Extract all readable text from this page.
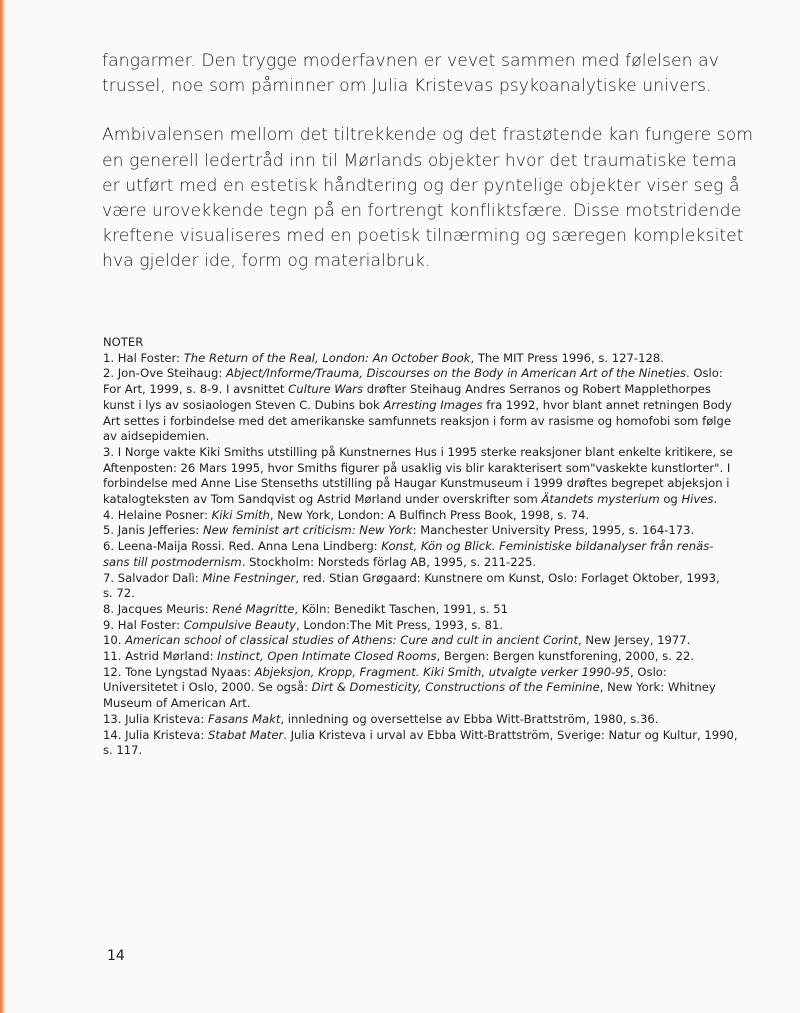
fangarmer. Den trygge moderfavnen er vevet sammen med følelsen av
trussel, noe som påminner om Julia Kristevas psykoanalytiske univers.

Ambivalensen mellom det tiltrekkende og det frastøtende kan fungere som
en generell ledertråd inn til Mørlands objekter hvor det traumatiske tema
er utført med en estetisk håndtering og der pyntelige objekter viser seg å
være urovekkende tegn på en fortrengt konfliktsfære. Disse motstridende
kreftene visualiseres med en poetisk tilnærming og særegen kompleksitet
hva gjelder ide, form og materialbruk.

NOTER
1. Hal Foster: The Return of the Real, London: An October Book, The MIT Press 1996, s. 127-128.
2. Jon-Ove Steihaug: Abject/Informe/Trauma, Discourses on the Body in American Art of the Nineties. Oslo:
For Art, 1999, s. 8-9. I avsnittet Culture Wars drøfter Steihaug Andres Serranos og Robert Mapplethorpes
kunst i lys av sosiaologen Steven C. Dubins bok Arresting Images fra 1992, hvor blant annet retningen Body
Art settes i forbindelse med det amerikanske samfunnets reaksjon i form av rasisme og homofobi som følge
av aidsepidemien.
3. I Norge vakte Kiki Smiths utstilling på Kunstnernes Hus i 1995 sterke reaksjoner blant enkelte kritikere, se
Aftenposten: 26 Mars 1995, hvor Smiths figurer på usaklig vis blir karakterisert som"vaskekte kunstlorter". I
forbindelse med Anne Lise Stenseths utstilling på Haugar Kunstmuseum i 1999 drøftes begrepet abjeksjon i
katalogteksten av Tom Sandqvist og Astrid Mørland under overskrifter som Ätandets mysterium og Hives.
4. Helaine Posner: Kiki Smith, New York, London: A Bulfinch Press Book, 1998, s. 74.
5. Janis Jefferies: New feminist art criticism: New York: Manchester University Press, 1995, s. 164-173.
6. Leena-Maija Rossi. Red. Anna Lena Lindberg: Konst, Kön og Blick. Feministiske bildanalyser från renäs-
sans till postmodernism. Stockholm: Norsteds förlag AB, 1995, s. 211-225.
7. Salvador Dalì: Mine Festninger, red. Stian Grøgaard: Kunstnere om Kunst, Oslo: Forlaget Oktober, 1993,
s. 72.
8. Jacques Meuris: René Magritte, Köln: Benedikt Taschen, 1991, s. 51
9. Hal Foster: Compulsive Beauty, London:The Mit Press, 1993, s. 81.
10. American school of classical studies of Athens: Cure and cult in ancient Corint, New Jersey, 1977.
11. Astrid Mørland: Instinct, Open Intimate Closed Rooms, Bergen: Bergen kunstforening, 2000, s. 22.
12. Tone Lyngstad Nyaas: Abjeksjon, Kropp, Fragment. Kiki Smith, utvalgte verker 1990-95, Oslo:
Universitetet i Oslo, 2000. Se også: Dirt & Domesticity, Constructions of the Feminine, New York: Whitney
Museum of American Art.
13. Julia Kristeva: Fasans Makt, innledning og oversettelse av Ebba Witt-Brattström, 1980, s.36.
14. Julia Kristeva: Stabat Mater. Julia Kristeva i urval av Ebba Witt-Brattström, Sverige: Natur og Kultur, 1990,
s. 117.
14
